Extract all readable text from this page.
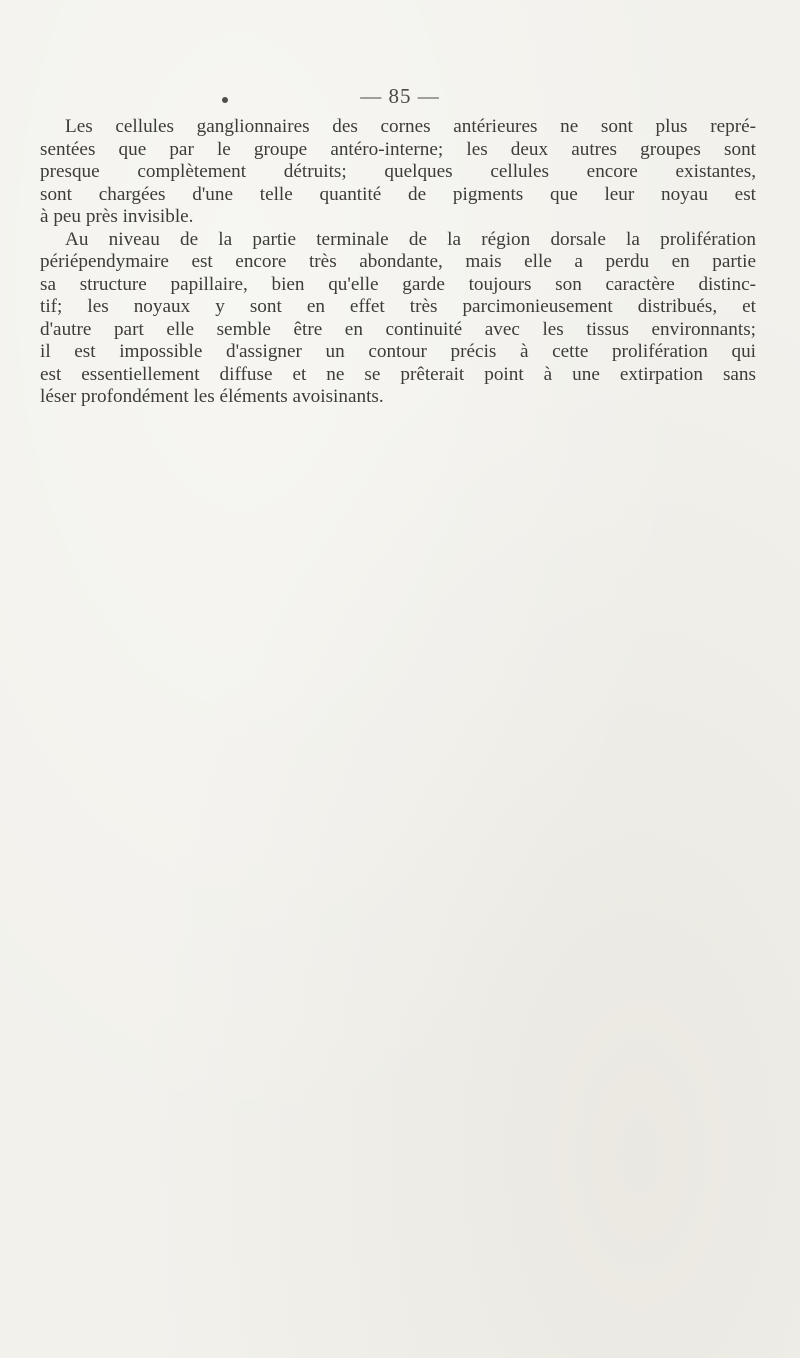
— 85 —
Les cellules ganglionnaires des cornes antérieures ne sont plus repré-
sentées que par le groupe antéro-interne; les deux autres groupes sont
presque complètement détruits; quelques cellules encore existantes,
sont chargées d'une telle quantité de pigments que leur noyau est
à peu près invisible.
Au niveau de la partie terminale de la région dorsale la prolifération
périépendymaire est encore très abondante, mais elle a perdu en partie
sa structure papillaire, bien qu'elle garde toujours son caractère distinc-
tif; les noyaux y sont en effet très parcimonieusement distribués, et
d'autre part elle semble être en continuité avec les tissus environnants;
il est impossible d'assigner un contour précis à cette prolifération qui
est essentiellement diffuse et ne se prêterait point à une extirpation sans
léser profondément les éléments avoisinants.
